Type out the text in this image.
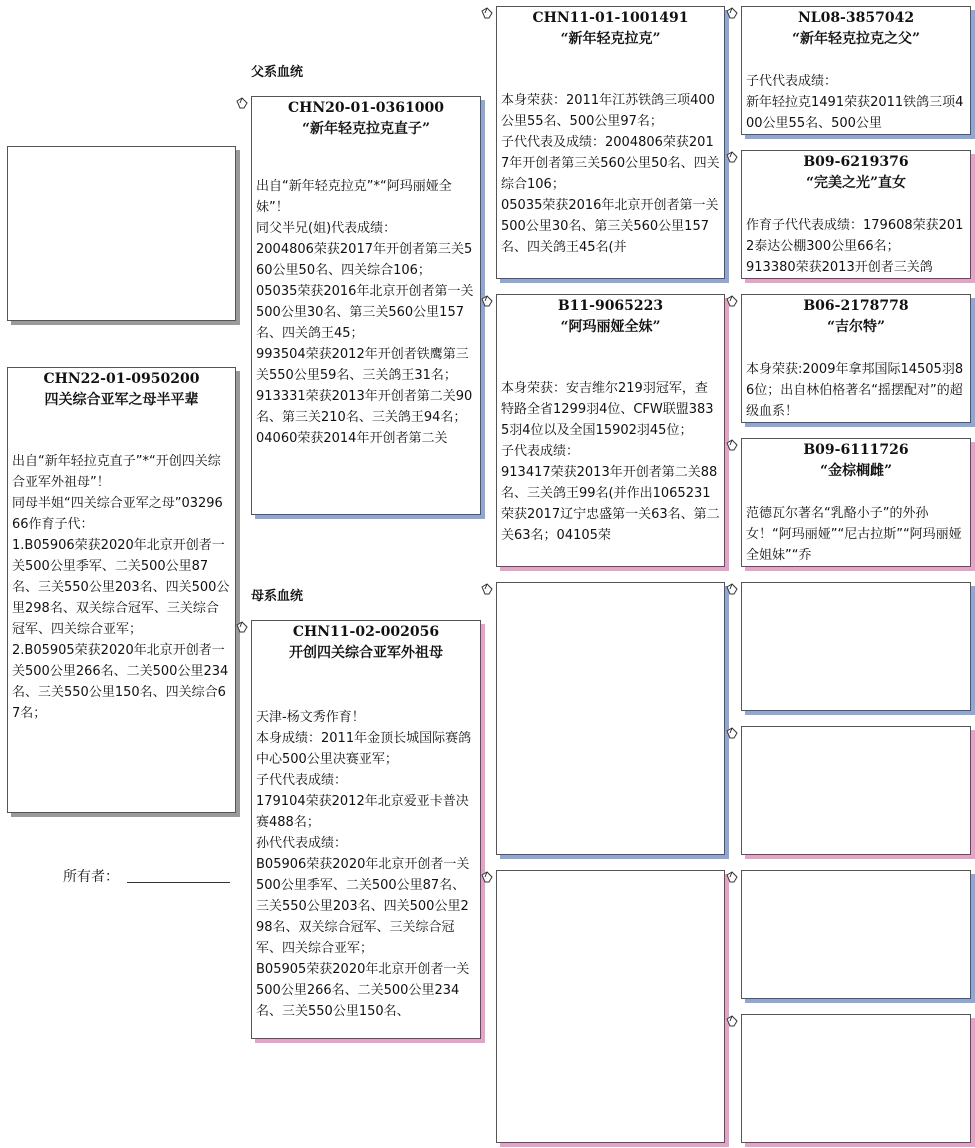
父系血统
母系血统
CHN22-01-0950200
四关综合亚军之母半平辈
出自“新年轻拉克直子”*“开创四关综合亚军外祖母”！
同母半姐“四关综合亚军之母”0329666作育子代：
1.B05906荣获2020年北京开创者一关500公里季军、二关500公里87名、三关550公里203名、四关500公里298名、双关综合冠军、三关综合冠军、四关综合亚军；
2.B05905荣获2020年北京开创者一关500公里266名、二关500公里234名、三关550公里150名、四关综合67名；
所有者：
CHN20-01-0361000
“新年轻克拉克直子”
出自“新年轻克拉克”*“阿玛丽娅全妹”！
同父半兄(姐)代表成绩：
2004806荣获2017年开创者第三关560公里50名、四关综合106；
05035荣获2016年北京开创者第一关500公里30名、第三关560公里157名、四关鸽王45；
993504荣获2012年开创者铁鹰第三关550公里59名、三关鸽王31名；
913331荣获2013年开创者第二关90名、第三关210名、三关鸽王94名；
04060荣获2014年开创者第二关
CHN11-02-002056
开创四关综合亚军外祖母
天津-杨文秀作育！
本身成绩：2011年金顶长城国际赛鸽中心500公里决赛亚军；
子代代表成绩：
179104荣获2012年北京爱亚卡普决赛488名；
孙代代表成绩：
B05906荣获2020年北京开创者一关500公里季军、二关500公里87名、三关550公里203名、四关500公里298名、双关综合冠军、三关综合冠军、四关综合亚军；
B05905荣获2020年北京开创者一关500公里266名、二关500公里234名、三关550公里150名、
CHN11-01-1001491
“新年轻克拉克”
本身荣获：2011年江苏铁鸽三项400公里55名、500公里97名；
子代代表及成绩：2004806荣获2017年开创者第三关560公里50名、四关综合106；
05035荣获2016年北京开创者第一关500公里30名、第三关560公里157名、四关鸽王45名(并
B11-9065223
“阿玛丽娅全妹”
本身荣获：安吉维尔219羽冠军，查特路全省1299羽4位、CFW联盟3835羽4位以及全国15902羽45位；
子代表成绩：
913417荣获2013年开创者第二关88名、三关鸽王99名(并作出1065231荣获2017辽宁忠盛第一关63名、第二关63名；04105荣
NL08-3857042
“新年轻克拉克之父”
子代代表成绩：
新年轻拉克1491荣获2011铁鸽三项400公里55名、500公里
B09-6219376
“完美之光”直女
作育子代代表成绩：179608荣获2012泰达公棚300公里66名；
913380荣获2013开创者三关鸽
B06-2178778
“吉尔特”
本身荣获:2009年拿邦国际14505羽86位；出自林伯格著名“摇摆配对”的超级血系！
B09-6111726
“金棕榈雌”
范德瓦尔著名“乳酪小子”的外孙女！“阿玛丽娅”“尼古拉斯”“阿玛丽娅全姐妹”“乔
